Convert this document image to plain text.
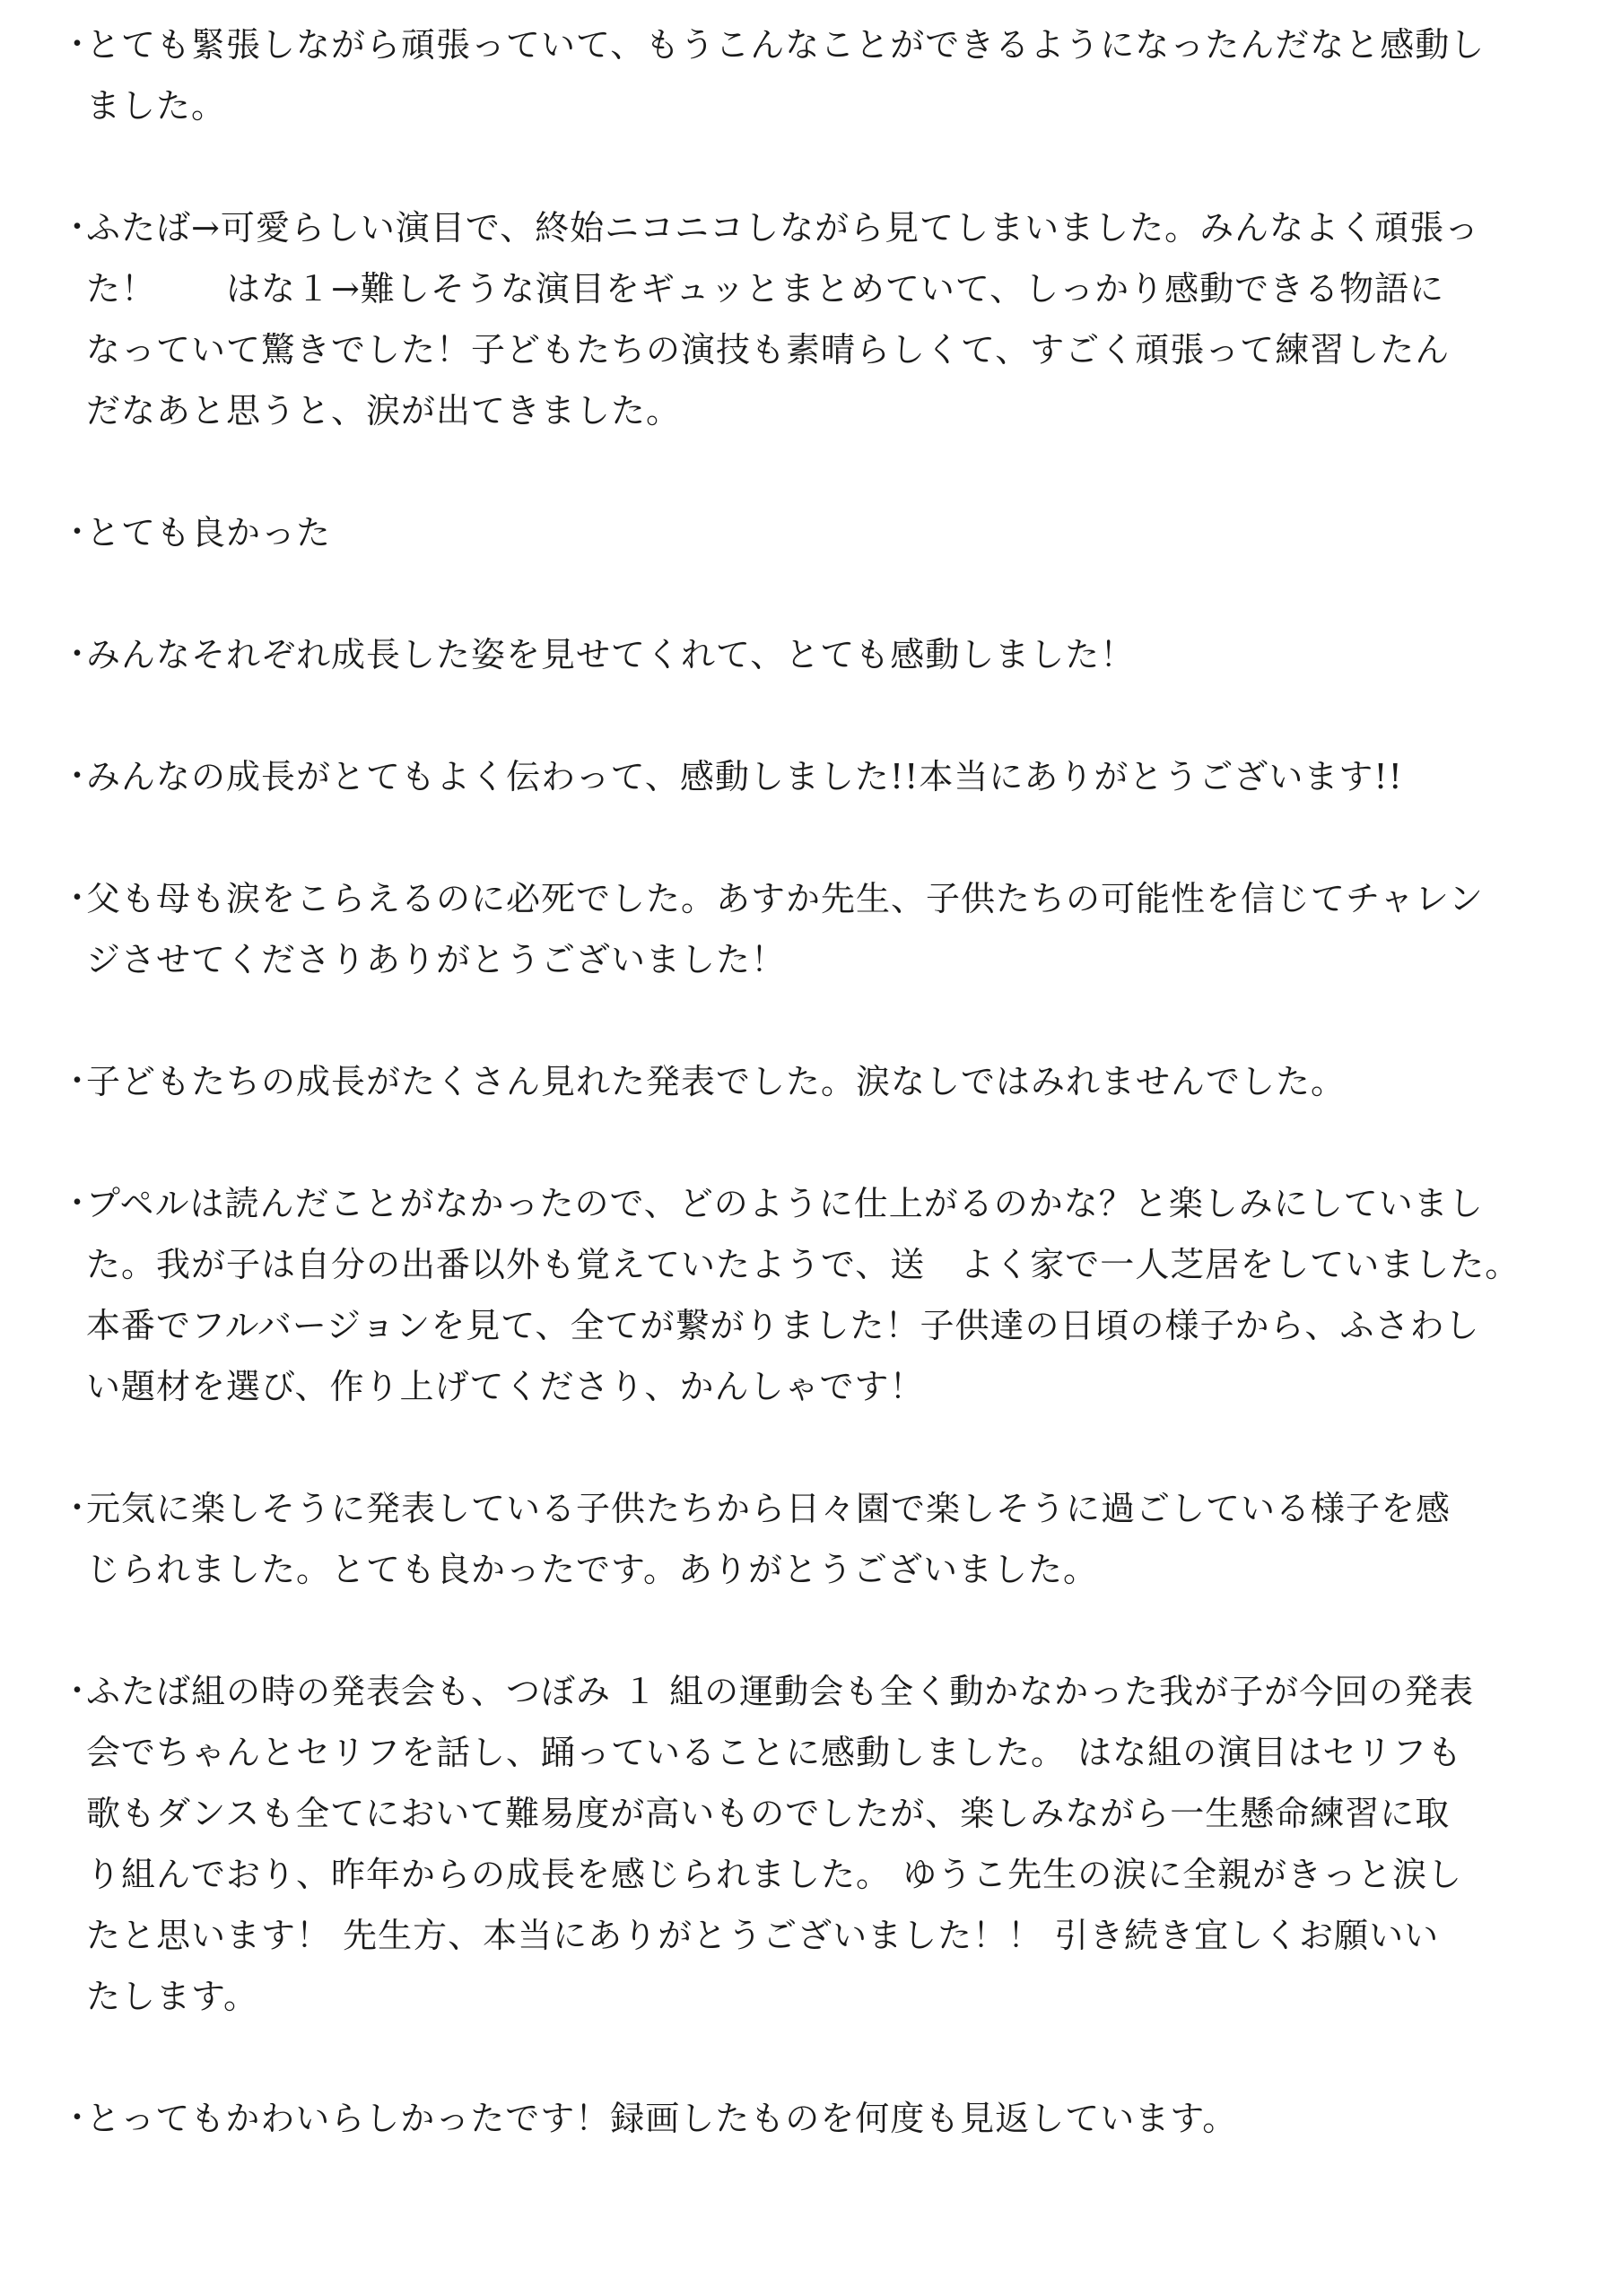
・
とても緊張しながら頑張っていて、もうこんなことができるようになったんだなと感動し
ました。
・
ふたば→可愛らしい演目で、終始ニコニコしながら見てしまいました。みんなよく頑張っ
た！　　はな１→難しそうな演目をギュッとまとめていて、しっかり感動できる物語に
なっていて驚きでした！子どもたちの演技も素晴らしくて、すごく頑張って練習したん
だなあと思うと、涙が出てきました。
・
とても良かった
・
みんなそれぞれ成長した姿を見せてくれて、とても感動しました！
・
みんなの成長がとてもよく伝わって、感動しました!!本当にありがとうございます!!
・
父も母も涙をこらえるのに必死でした。あすか先生、子供たちの可能性を信じてチャレン
ジさせてくださりありがとうございました！
・
子どもたちの成長がたくさん見れた発表でした。涙なしではみれませんでした。
・
プペルは読んだことがなかったので、どのように仕上がるのかな？と楽しみにしていまし
た。我が子は自分の出番以外も覚えていたようで、送　よく家で一人芝居をしていました。
本番でフルバージョンを見て、全てが繋がりました！子供達の日頃の様子から、ふさわし
い題材を選び、作り上げてくださり、かんしゃです！
・
元気に楽しそうに発表している子供たちから日々園で楽しそうに過ごしている様子を感
じられました。とても良かったです。ありがとうございました。
・
ふたば組の時の発表会も、つぼみ １ 組の運動会も全く動かなかった我が子が今回の発表
会でちゃんとセリフを話し、踊っていることに感動しました。 はな組の演目はセリフも
歌もダンスも全てにおいて難易度が高いものでしたが、楽しみながら一生懸命練習に取
り組んでおり、昨年からの成長を感じられました。 ゆうこ先生の涙に全親がきっと涙し
たと思います！ 先生方、本当にありがとうございました！！ 引き続き宜しくお願いい
たします。
・
とってもかわいらしかったです！録画したものを何度も見返しています。
